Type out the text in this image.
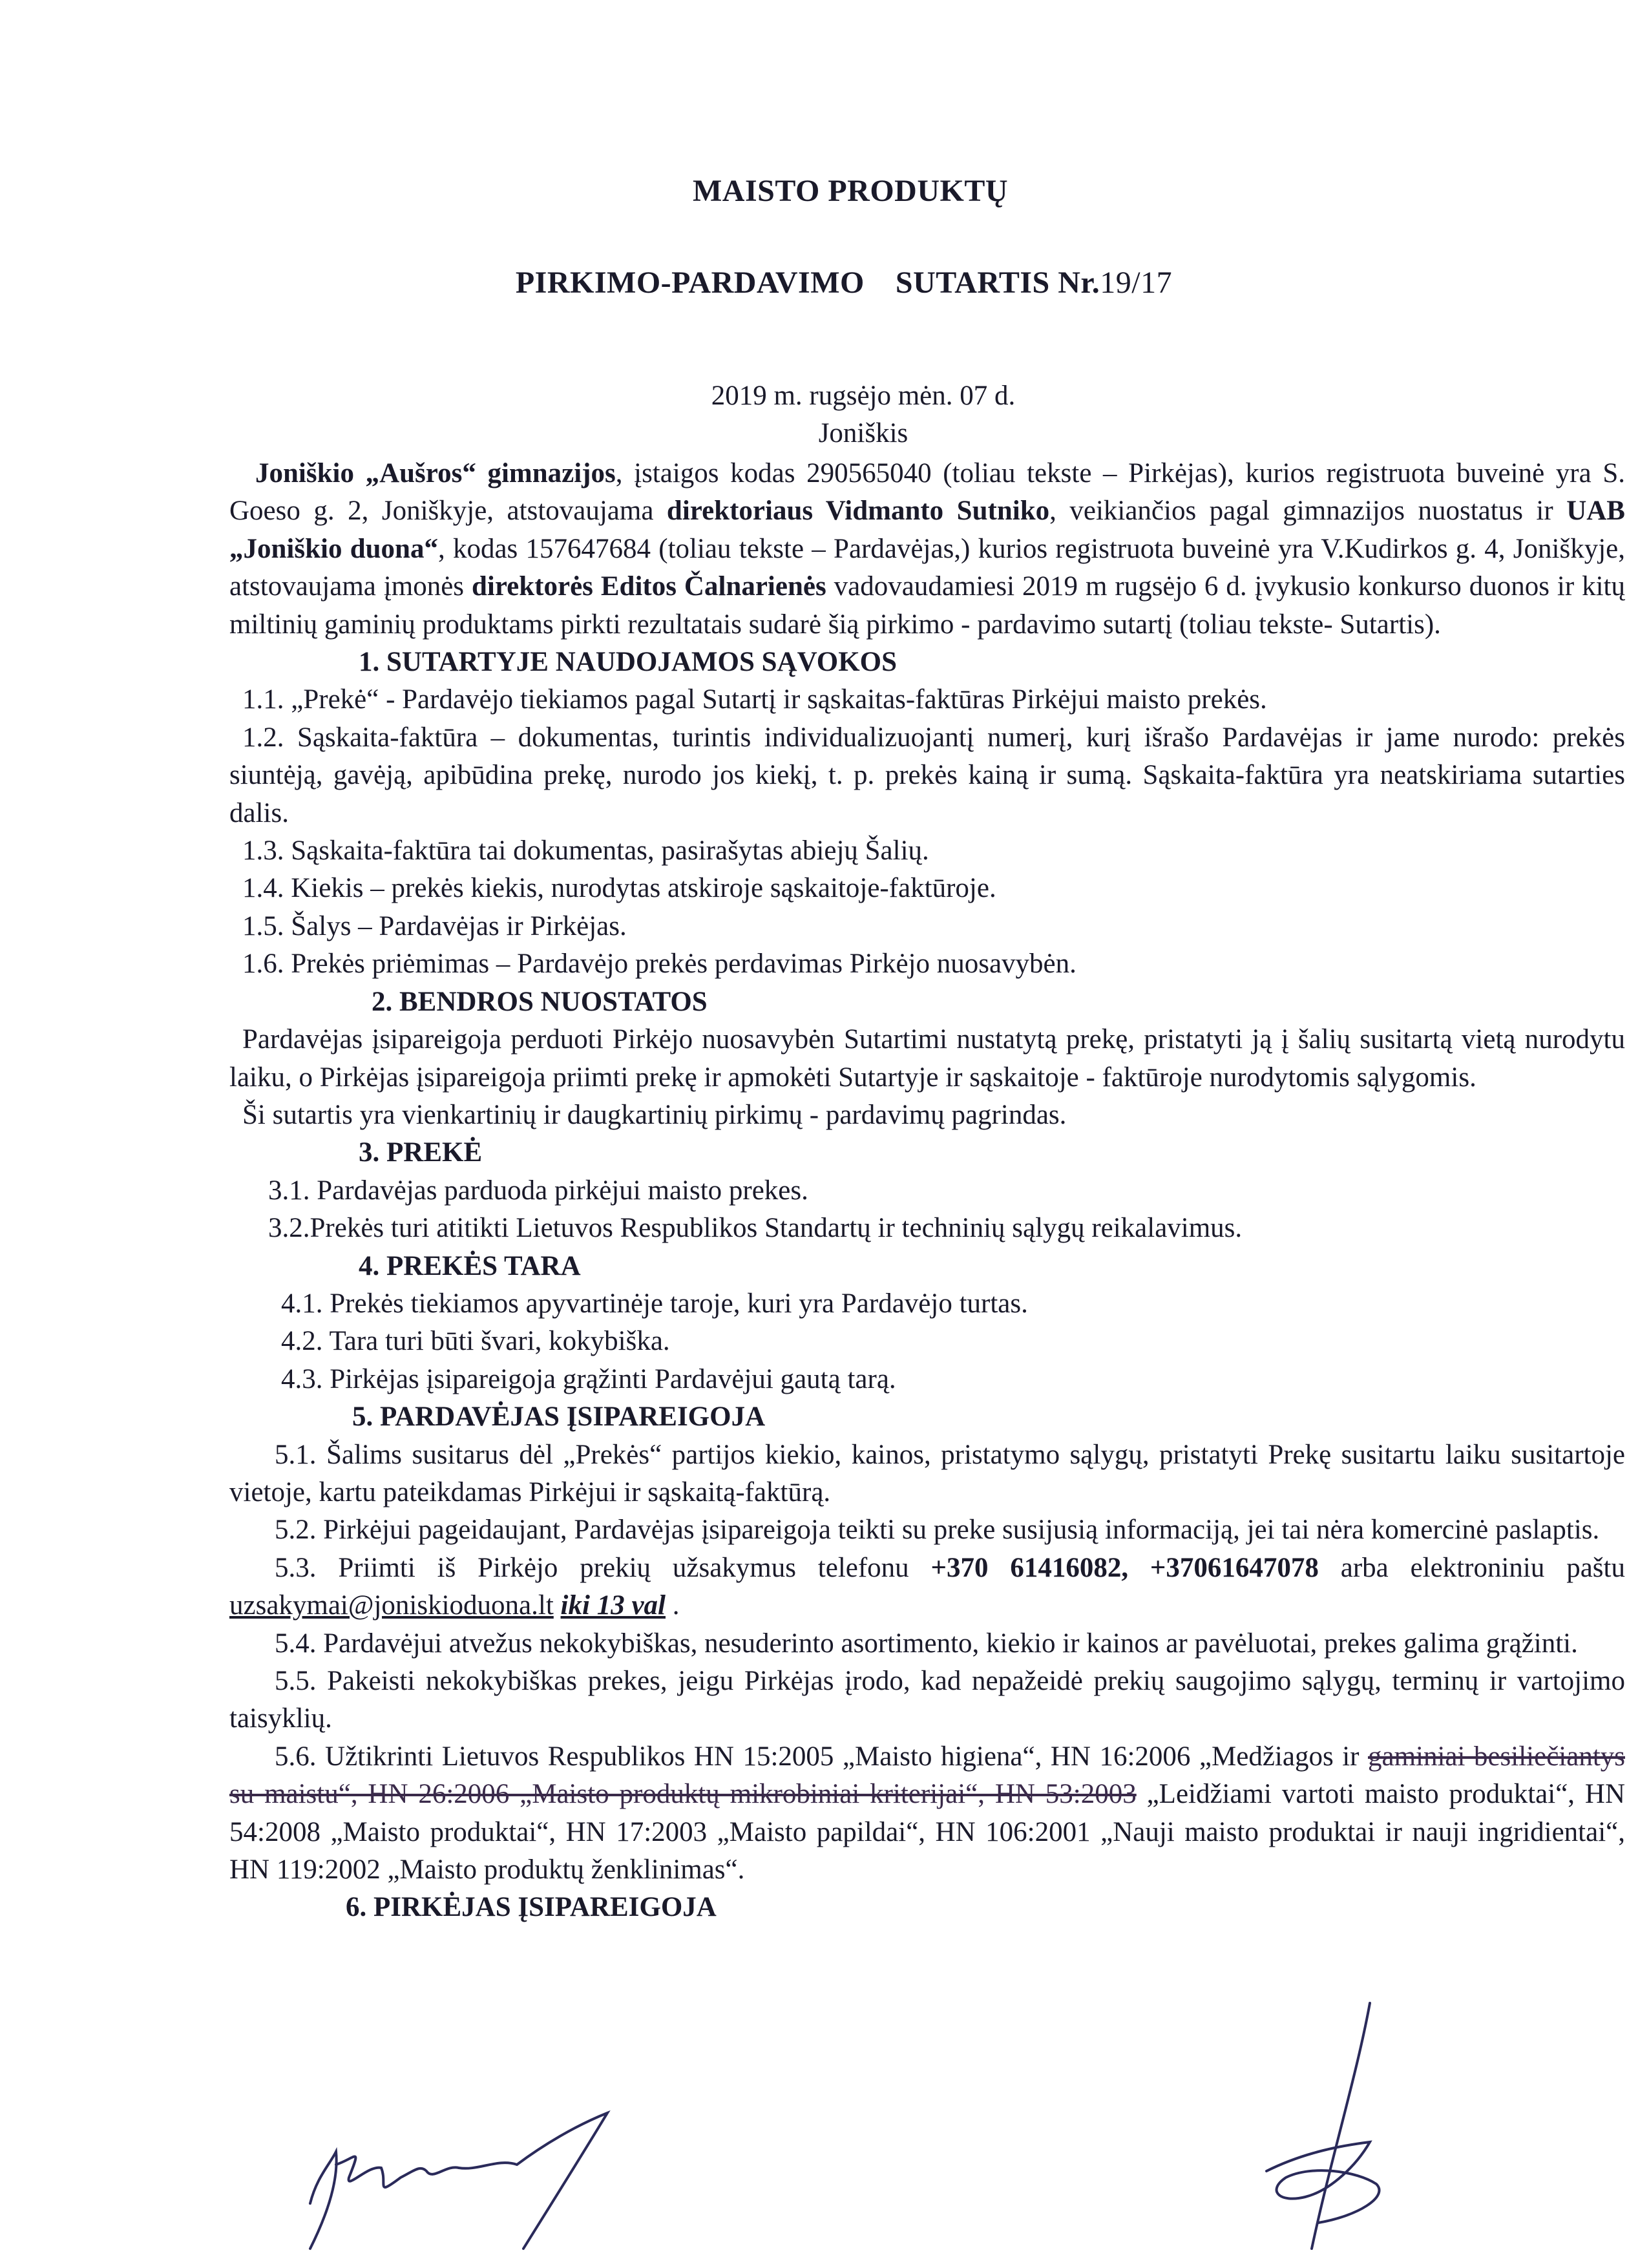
MAISTO PRODUKTŲ
PIRKIMO-PARDAVIMO SUTARTIS Nr.19/17
2019 m. rugsėjo mėn. 07 d.
Joniškis

Joniškio „Aušros“ gimnazijos, įstaigos kodas 290565040 (toliau tekste – Pirkėjas), kurios registruota buveinė yra S. Goeso g. 2, Joniškyje, atstovaujama direktoriaus Vidmanto Sutniko, veikiančios pagal gimnazijos nuostatus ir UAB „Joniškio duona“, kodas 157647684 (toliau tekste – Pardavėjas,) kurios registruota buveinė yra V.Kudirkos g. 4, Joniškyje, atstovaujama įmonės direktorės Editos Čalnarienės vadovaudamiesi 2019 m rugsėjo 6 d. įvykusio konkurso duonos ir kitų miltinių gaminių produktams pirkti rezultatais sudarė šią pirkimo - pardavimo sutartį (toliau tekste- Sutartis).

1. SUTARTYJE NAUDOJAMOS SĄVOKOS

1.1. „Prekė“ - Pardavėjo tiekiamos pagal Sutartį ir sąskaitas-faktūras Pirkėjui maisto prekės.

1.2. Sąskaita-faktūra – dokumentas, turintis individualizuojantį numerį, kurį išrašo Pardavėjas ir jame nurodo: prekės siuntėją, gavėją, apibūdina prekę, nurodo jos kiekį, t. p. prekės kainą ir sumą. Sąskaita-faktūra yra neatskiriama sutarties dalis.

1.3. Sąskaita-faktūra tai dokumentas, pasirašytas abiejų Šalių.

1.4. Kiekis – prekės kiekis, nurodytas atskiroje sąskaitoje-faktūroje.

1.5. Šalys – Pardavėjas ir Pirkėjas.

1.6. Prekės priėmimas – Pardavėjo prekės perdavimas Pirkėjo nuosavybėn.

2. BENDROS NUOSTATOS

Pardavėjas įsipareigoja perduoti Pirkėjo nuosavybėn Sutartimi nustatytą prekę, pristatyti ją į šalių susitartą vietą nurodytu laiku, o Pirkėjas įsipareigoja priimti prekę ir apmokėti Sutartyje ir sąskaitoje - faktūroje nurodytomis sąlygomis.

Ši sutartis yra vienkartinių ir daugkartinių pirkimų - pardavimų pagrindas.

3. PREKĖ

3.1. Pardavėjas parduoda pirkėjui maisto prekes.

3.2.Prekės turi atitikti Lietuvos Respublikos Standartų ir techninių sąlygų reikalavimus.

4. PREKĖS TARA

4.1. Prekės tiekiamos apyvartinėje taroje, kuri yra Pardavėjo turtas.

4.2. Tara turi būti švari, kokybiška.

4.3. Pirkėjas įsipareigoja grąžinti Pardavėjui gautą tarą.

5. PARDAVĖJAS ĮSIPAREIGOJA

5.1. Šalims susitarus dėl „Prekės“ partijos kiekio, kainos, pristatymo sąlygų, pristatyti Prekę susitartu laiku susitartoje vietoje, kartu pateikdamas Pirkėjui ir sąskaitą-faktūrą.

5.2. Pirkėjui pageidaujant, Pardavėjas įsipareigoja teikti su preke susijusią informaciją, jei tai nėra komercinė paslaptis.

5.3. Priimti iš Pirkėjo prekių užsakymus telefonu +370 61416082, +37061647078 arba elektroniniu paštu uzsakymai@joniskioduona.lt iki 13 val .

5.4. Pardavėjui atvežus nekokybiškas, nesuderinto asortimento, kiekio ir kainos ar pavėluotai, prekes galima grąžinti.

5.5. Pakeisti nekokybiškas prekes, jeigu Pirkėjas įrodo, kad nepažeidė prekių saugojimo sąlygų, terminų ir vartojimo taisyklių.

5.6. Užtikrinti Lietuvos Respublikos HN 15:2005 „Maisto higiena“, HN 16:2006 „Medžiagos ir gaminiai besiliečiantys su maistu“, HN 26:2006 „Maisto produktų mikrobiniai kriterijai“, HN 53:2003 „Leidžiami vartoti maisto produktai“, HN 54:2008 „Maisto produktai“, HN 17:2003 „Maisto papildai“, HN 106:2001 „Nauji maisto produktai ir nauji ingridientai“, HN 119:2002 „Maisto produktų ženklinimas“.

6. PIRKĖJAS ĮSIPAREIGOJA
